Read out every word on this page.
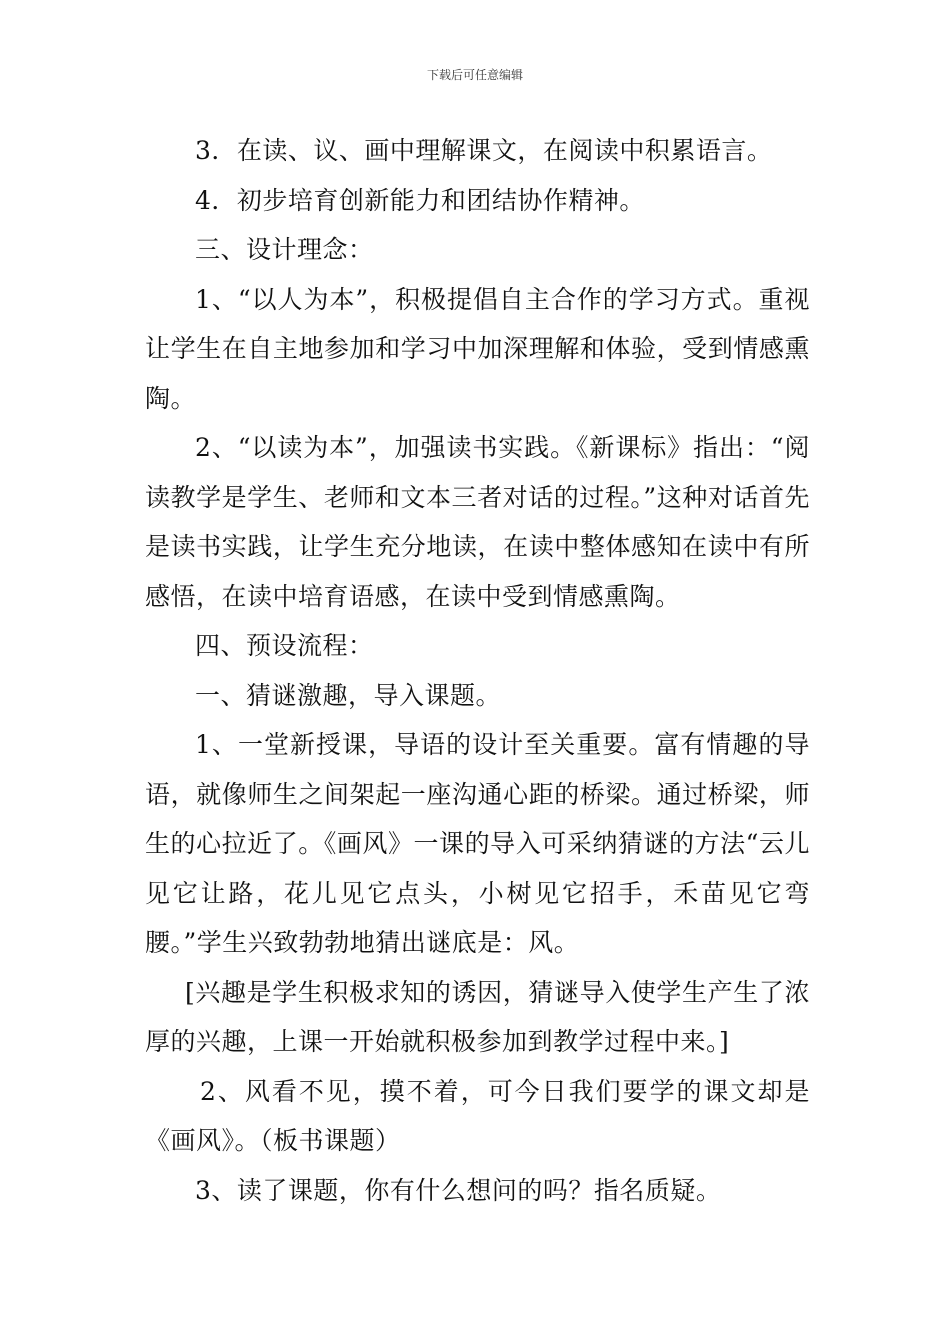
下载后可任意编辑

3．在读、议、画中理解课文，在阅读中积累语言。

4．初步培育创新能力和团结协作精神。

三、设计理念：

1、“以人为本”，积极提倡自主合作的学习方式。重视让学生在自主地参加和学习中加深理解和体验，受到情感熏陶。

2、“以读为本”，加强读书实践。《新课标》指出：“阅读教学是学生、老师和文本三者对话的过程。”这种对话首先是读书实践，让学生充分地读，在读中整体感知在读中有所感悟，在读中培育语感，在读中受到情感熏陶。

四、预设流程：

一、猜谜激趣，导入课题。

1、一堂新授课，导语的设计至关重要。富有情趣的导语，就像师生之间架起一座沟通心距的桥梁。通过桥梁，师生的心拉近了。《画风》一课的导入可采纳猜谜的方法“云儿见它让路，花儿见它点头，小树见它招手，禾苗见它弯腰。”学生兴致勃勃地猜出谜底是：风。

[兴趣是学生积极求知的诱因，猜谜导入使学生产生了浓厚的兴趣，上课一开始就积极参加到教学过程中来。]

2、风看不见，摸不着，可今日我们要学的课文却是《画风》。（板书课题）

3、读了课题，你有什么想问的吗？指名质疑。
